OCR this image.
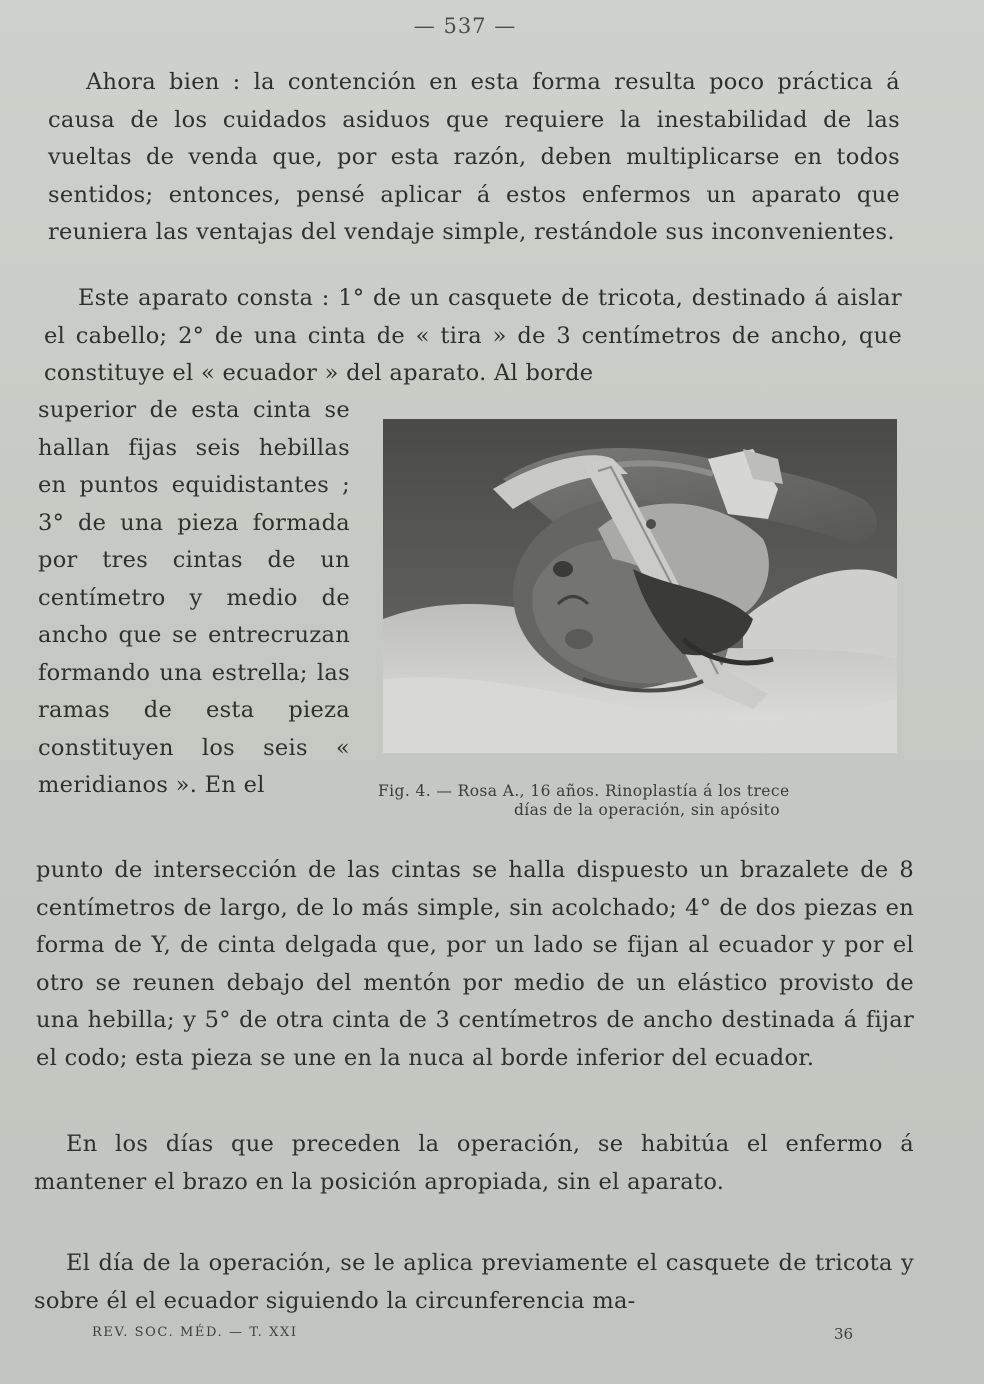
— 537 —

Ahora bien : la contención en esta forma resulta poco práctica á causa de los cuidados asiduos que requiere la inestabilidad de las vueltas de venda que, por esta razón, deben multiplicarse en todos sentidos; entonces, pensé aplicar á estos enfermos un aparato que reuniera las ventajas del vendaje simple, restándole sus inconvenientes.

Este aparato consta : 1° de un casquete de tricota, destinado á aislar el cabello; 2° de una cinta de « tira » de 3 centímetros de ancho, que constituye el « ecuador » del aparato. Al borde

superior de esta cinta se hallan fijas seis hebillas en puntos equidistantes ; 3° de una pieza formada por tres cintas de un centímetro y medio de ancho que se entrecruzan formando una estrella; las ramas de esta pieza constituyen los seis « meridianos ». En el	Fig. 4. — Rosa A., 16 años. Rinoplastía á los trece
días de la operación, sin apósito

punto de intersección de las cintas se halla dispuesto un brazalete de 8 centímetros de largo, de lo más simple, sin acolchado; 4° de dos piezas en forma de Y, de cinta delgada que, por un lado se fijan al ecuador y por el otro se reunen debajo del mentón por medio de un elástico provisto de una hebilla; y 5° de otra cinta de 3 centímetros de ancho destinada á fijar el codo; esta pieza se une en la nuca al borde inferior del ecuador.

En los días que preceden la operación, se habitúa el enfermo á mantener el brazo en la posición apropiada, sin el aparato.

El día de la operación, se le aplica previamente el casquete de tricota y sobre él el ecuador siguiendo la circunferencia ma-

REV. SOC. MÉD. — T. XXI	36
